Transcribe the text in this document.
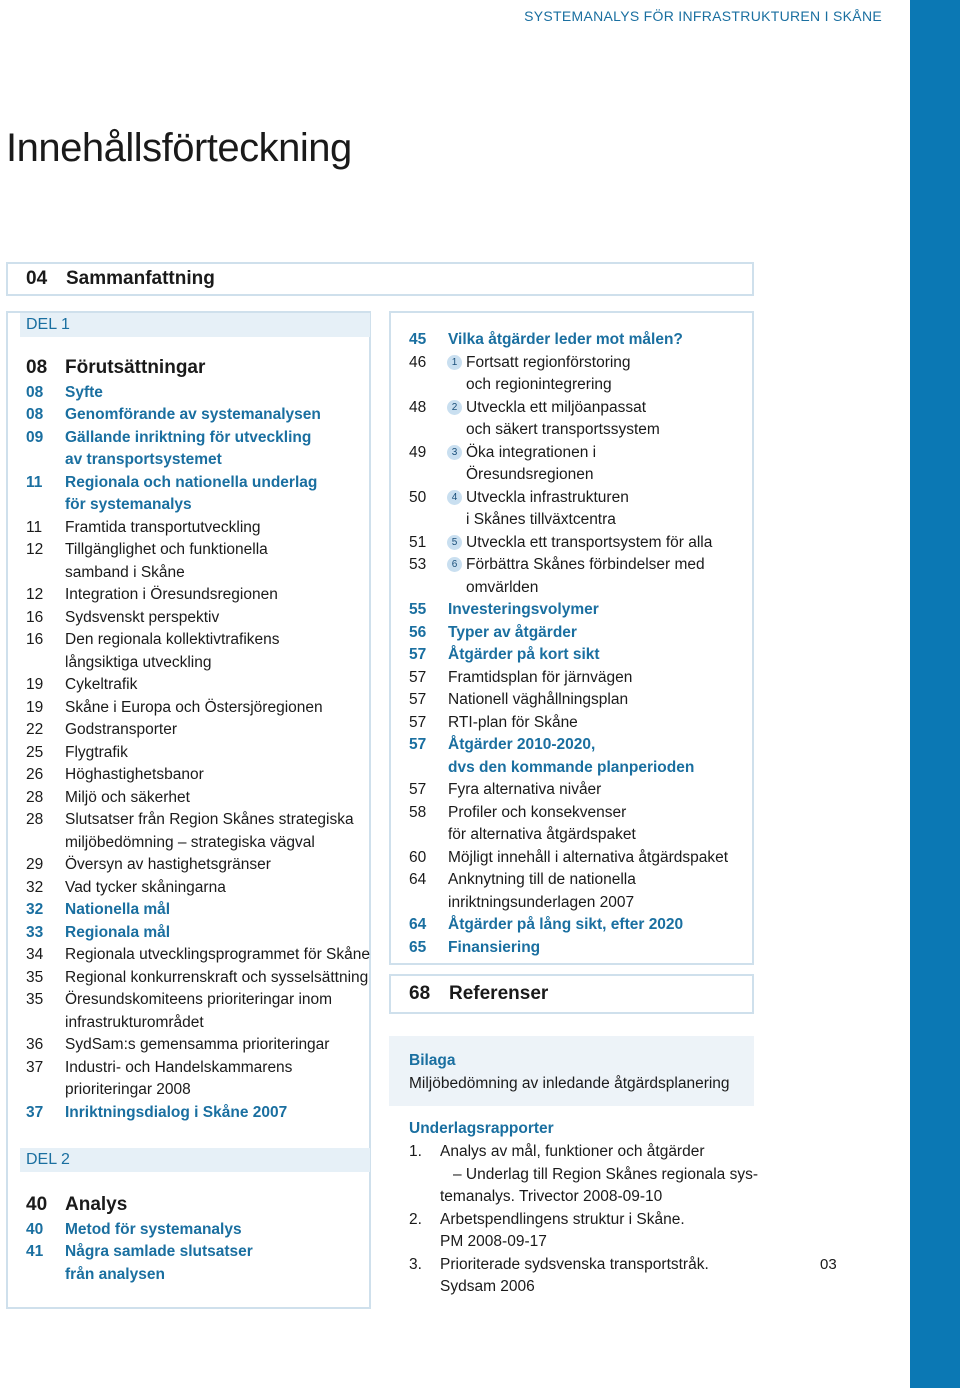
SYSTEMANALYS FÖR INFRASTRUKTUREN I SKÅNE
Innehållsförteckning
04 Sammanfattning
DEL 1
DEL 2
08 Förutsättningar
08 Syfte
08 Genomförande av systemanalysen
09 Gällande inriktning för utveckling
av transportsystemet
11 Regionala och nationella underlag
för systemanalys
11 Framtida transportutveckling
12 Tillgänglighet och funktionella
samband i Skåne
12 Integration i Öresundsregionen
16 Sydsvenskt perspektiv
16 Den regionala kollektivtrafikens
långsiktiga utveckling
19 Cykeltrafik
19 Skåne i Europa och Östersjöregionen
22 Godstransporter
25 Flygtrafik
26 Höghastighetsbanor
28 Miljö och säkerhet
28 Slutsatser från Region Skånes strategiska
miljöbedömning – strategiska vägval
29 Översyn av hastighetsgränser
32 Vad tycker skåningarna
32 Nationella mål
33 Regionala mål
34 Regionala utvecklingsprogrammet för Skåne
35 Regional konkurrenskraft och sysselsättning
35 Öresundskomiteens prioriteringar inom
infrastrukturområdet
36 SydSam:s gemensamma prioriteringar
37 Industri- och Handelskammarens
prioriteringar 2008
37 Inriktningsdialog i Skåne 2007
40 Analys
40 Metod för systemanalys
41 Några samlade slutsatser
från analysen
45 Vilka åtgärder leder mot målen?
46	1 Fortsatt regionförstoring
och regionintegrering
48	2 Utveckla ett miljöanpassat
och säkert transportssystem
49	3 Öka integrationen i
Öresundsregionen
50	4 Utveckla infrastrukturen
i Skånes tillväxtcentra
51	5 Utveckla ett transportsystem för alla
53	6 Förbättra Skånes förbindelser med
omvärlden
55 Investeringsvolymer
56 Typer av åtgärder
57 Åtgärder på kort sikt
57 Framtidsplan för järnvägen
57 Nationell väghållningsplan
57 RTI-plan för Skåne
57 Åtgärder 2010-2020,
dvs den kommande planperioden
57 Fyra alternativa nivåer
58 Profiler och konsekvenser
för alternativa åtgärdspaket
60 Möjligt innehåll i alternativa åtgärdspaket
64 Anknytning till de nationella
inriktningsunderlagen 2007
64 Åtgärder på lång sikt, efter 2020
65 Finansiering
68 Referenser
Bilaga
Miljöbedömning av inledande åtgärdsplanering
Underlagsrapporter
1. Analys av mål, funktioner och åtgärder
– Underlag till Region Skånes regionala sys-
temanalys. Trivector 2008-09-10
2. Arbetspendlingens struktur i Skåne.
PM 2008-09-17
3. Prioriterade sydsvenska transportstråk.
Sydsam 2006
03
